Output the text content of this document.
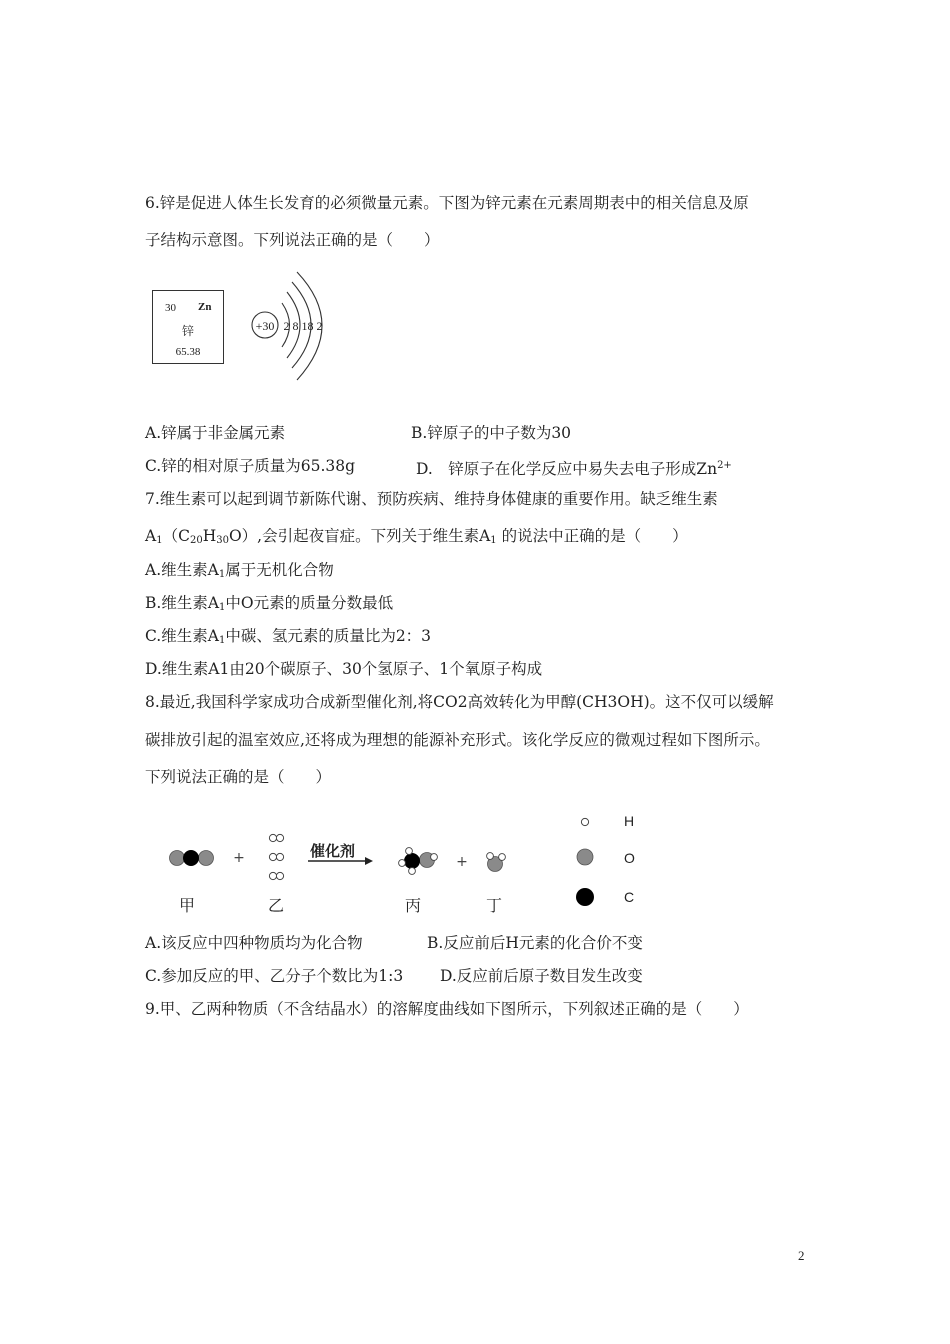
6.锌是促进人体生长发育的必须微量元素。下图为锌元素在元素周期表中的相关信息及原
子结构示意图。下列说法正确的是（　　）
30 Zn
锌
65.38
+30 2 8 18 2
A.锌属于非金属元素	B.锌原子的中子数为30
C.锌的相对原子质量为65.38g	D.　锌原子在化学反应中易失去电子形成$Zn^{2+}$
7.维生素可以起到调节新陈代谢、预防疾病、维持身体健康的重要作用。缺乏维生素
$A_1(C_{20}H_{30}O)$,会引起夜盲症。下列关于维生素$A_1$ 的说法中正确的是（　　）
A.维生素$A_1$属于无机化合物
B.维生素$A_1$中O元素的质量分数最低
C.维生素$A_1$中碳、氢元素的质量比为2：3
D.维生素A1由20个碳原子、30个氢原子、1个氧原子构成
8.最近,我国科学家成功合成新型催化剂,将CO2高效转化为甲醇(CH3OH)。这不仅可以缓解
碳排放引起的温室效应,还将成为理想的能源补充形式。该化学反应的微观过程如下图所示。
下列说法正确的是（　　）
+	催化剂
+
H
O
C
甲	乙	丙	丁
A.该反应中四种物质均为化合物	B.反应前后H元素的化合价不变
C.参加反应的甲、乙分子个数比为1:3 D.反应前后原子数目发生改变
9.甲、乙两种物质（不含结晶水）的溶解度曲线如下图所示，下列叙述正确的是（　　）
2
